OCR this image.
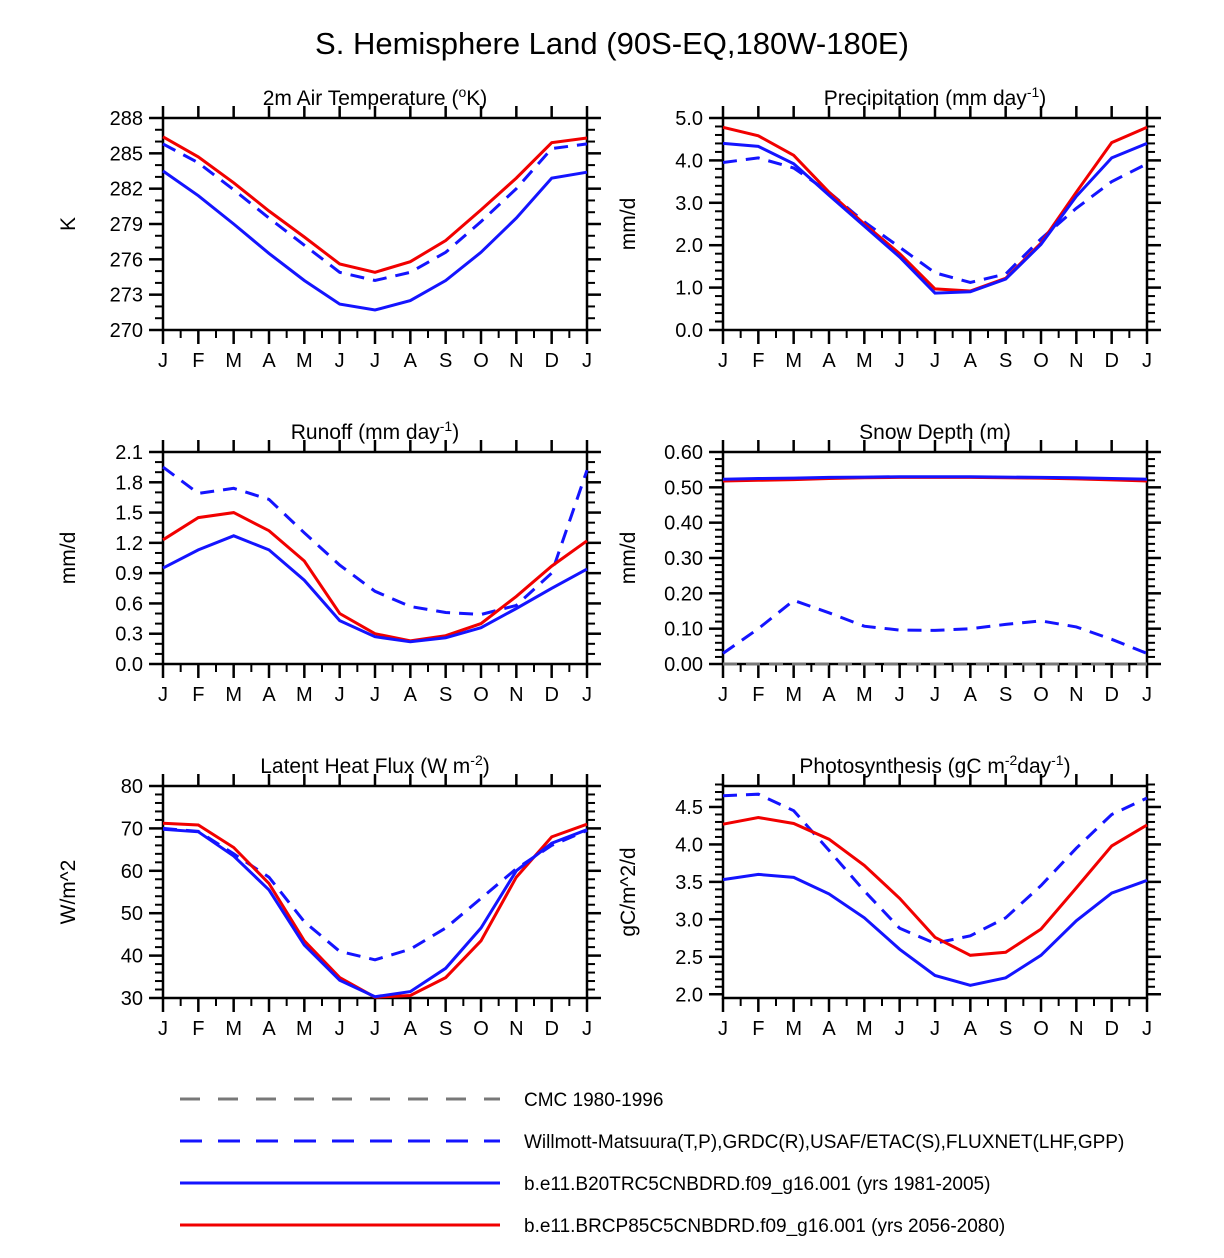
S. Hemisphere Land (90S-EQ,180W-180E)
2m Air Temperature ($^o$K)
K
288
285
282
279
276
273
270
J F M A M J J A S O N D J
Precipitation (mm day$^{-1}$)
mm/d
5.0
4.0
3.0
2.0
1.0
0.0
J F M A M J J A S O N D J
Runoff (mm day$^{-1}$)
mm/d
2.1
1.8
1.5
1.2
0.9
0.6
0.3
0.0
J F M A M J J A S O N D J
Snow Depth (m)
mm/d
0.60
0.50
0.40
0.30
0.20
0.10
0.00
J F M A M J J A S O N D J
Latent Heat Flux (W $m^{-2}$)
W/m^2
80
70
60
50
40
30
J F M A M J J A S O N D J
Photosynthesis (gC $m^{-2}day^{-1}$)
gC/m^2/d
4.5
4.0
3.5
3.0
2.5
2.0
J F M A M J J A S O N D J
CMC 1980-1996
Willmott-Matsuura(T,P),GRDC(R),USAF/ETAC(S),FLUXNET(LHF,GPP)
b.e11.B20TRC5CNBDRD.f09_g16.001 (yrs 1981-2005)
b.e11.BRCP85C5CNBDRD.f09_g16.001 (yrs 2056-2080)
